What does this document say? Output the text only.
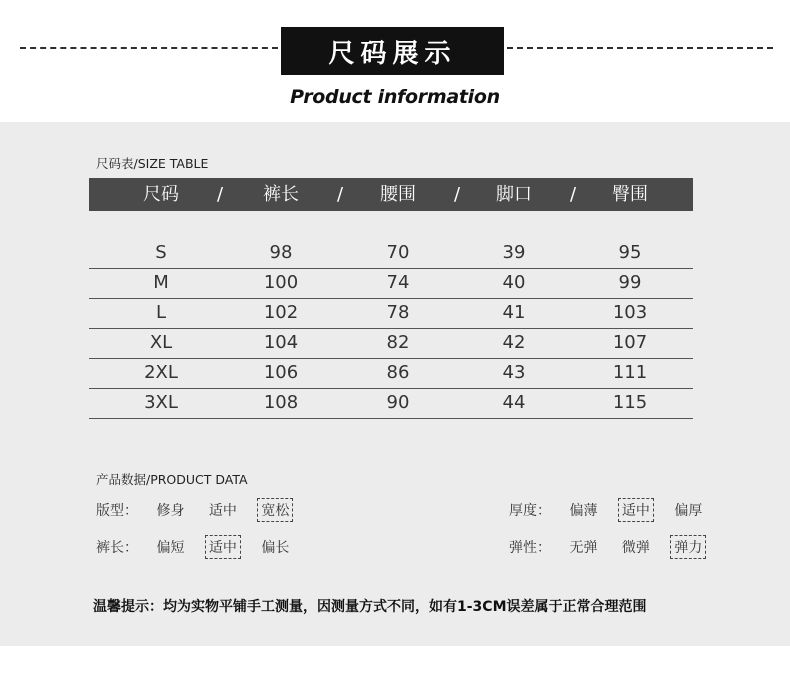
尺码展示
Product information
尺码表/SIZE TABLE
尺码 / 裤长 / 腰围 / 脚口 / 臀围
S	98	70	39	95
M	100	74	40	99
L	102	78	41	103
XL	104	82	42	107
2XL	106	86	43	111
3XL	108	90	44	115
产品数据/PRODUCT DATA
版型： 修身 适中 宽松	厚度： 偏薄 适中 偏厚
裤长： 偏短 适中 偏长	弹性： 无弹 微弹 弹力
温馨提示：均为实物平铺手工测量，因测量方式不同，如有1-3CM误差属于正常合理范围
